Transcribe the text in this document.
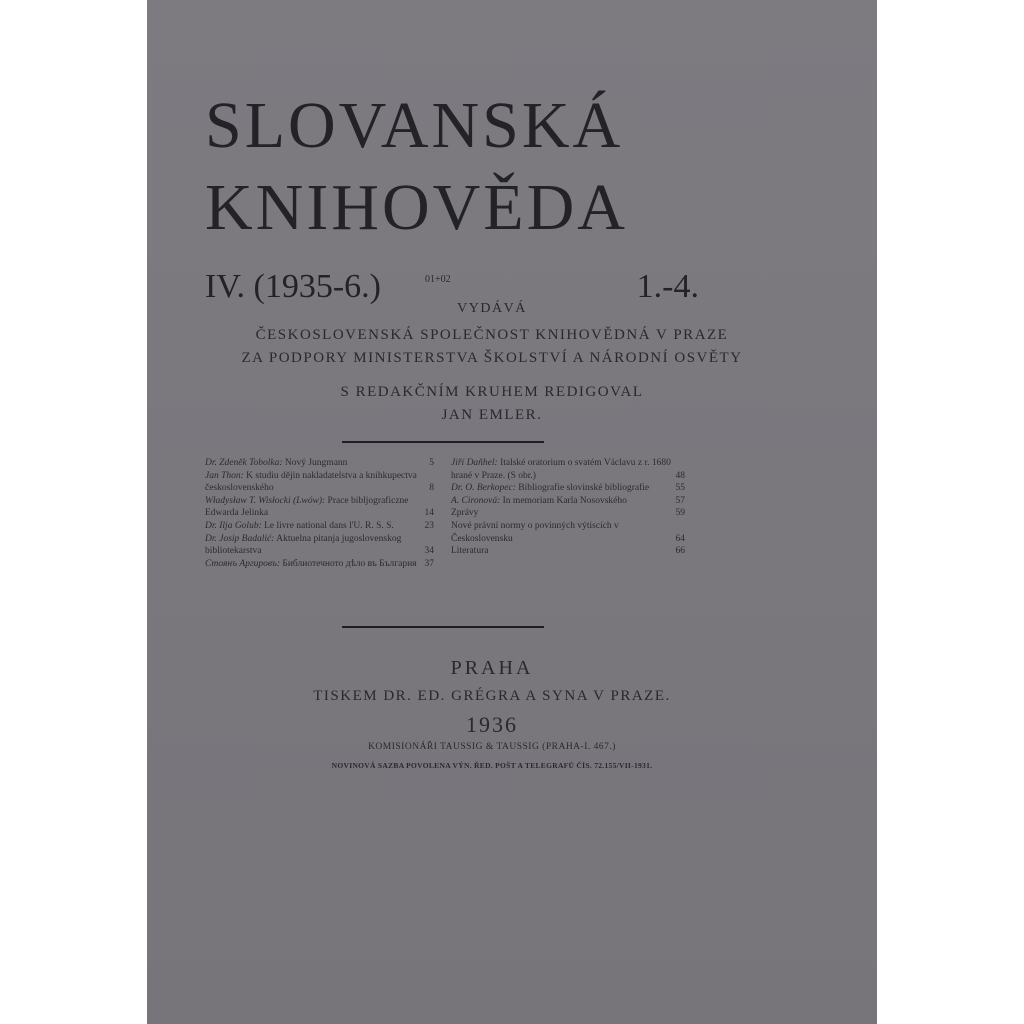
SLOVANSKÁ
KNIHOVĚDA
IV. (1935-6.)	01+02	1.-4.
VYDÁVÁ
ČESKOSLOVENSKÁ SPOLEČNOST KNIHOVĚDNÁ V PRAZE
ZA PODPORY MINISTERSTVA ŠKOLSTVÍ A NÁRODNÍ OSVĚTY
S REDAKČNÍM KRUHEM REDIGOVAL
JAN EMLER.
Dr. Zdeněk Tobolka: Nový Jungmann	5
Jan Thon: K studiu dějin nakladatelstva a knihkupectva československého	8
Władysław T. Wisłocki (Lwów): Prace bibljograficzne Edwarda Jelinka	14
Dr. Ilja Golub: Le livre national dans l'U. R. S. S.	23
Dr. Josip Badalić: Aktuelna pitanja jugoslovenskog bibliotekarstva	34
Стоянъ Аргировъ: Библиотечното дѣло въ България 37
Jiří Daňhel: Italské oratorium o svatém Václavu z r. 1680 hrané v Praze. (S obr.)	48
Dr. O. Berkopec: Bibliografie slovinské bibliografie	55
A. Cironová: In memoriam Karla Nosovského	57
Zprávy	59
Nové právní normy o povinných výtiscích v Československu	64
Literatura	66
PRAHA
TISKEM DR. ED. GRÉGRA A SYNA V PRAZE.
1936
KOMISIONÁŘI TAUSSIG & TAUSSIG (PRAHA-I. 467.)
NOVINOVÁ SAZBA POVOLENA VÝN. ŘED. POŠT A TELEGRAFŮ ČÍS. 72.155/VII-1931.
